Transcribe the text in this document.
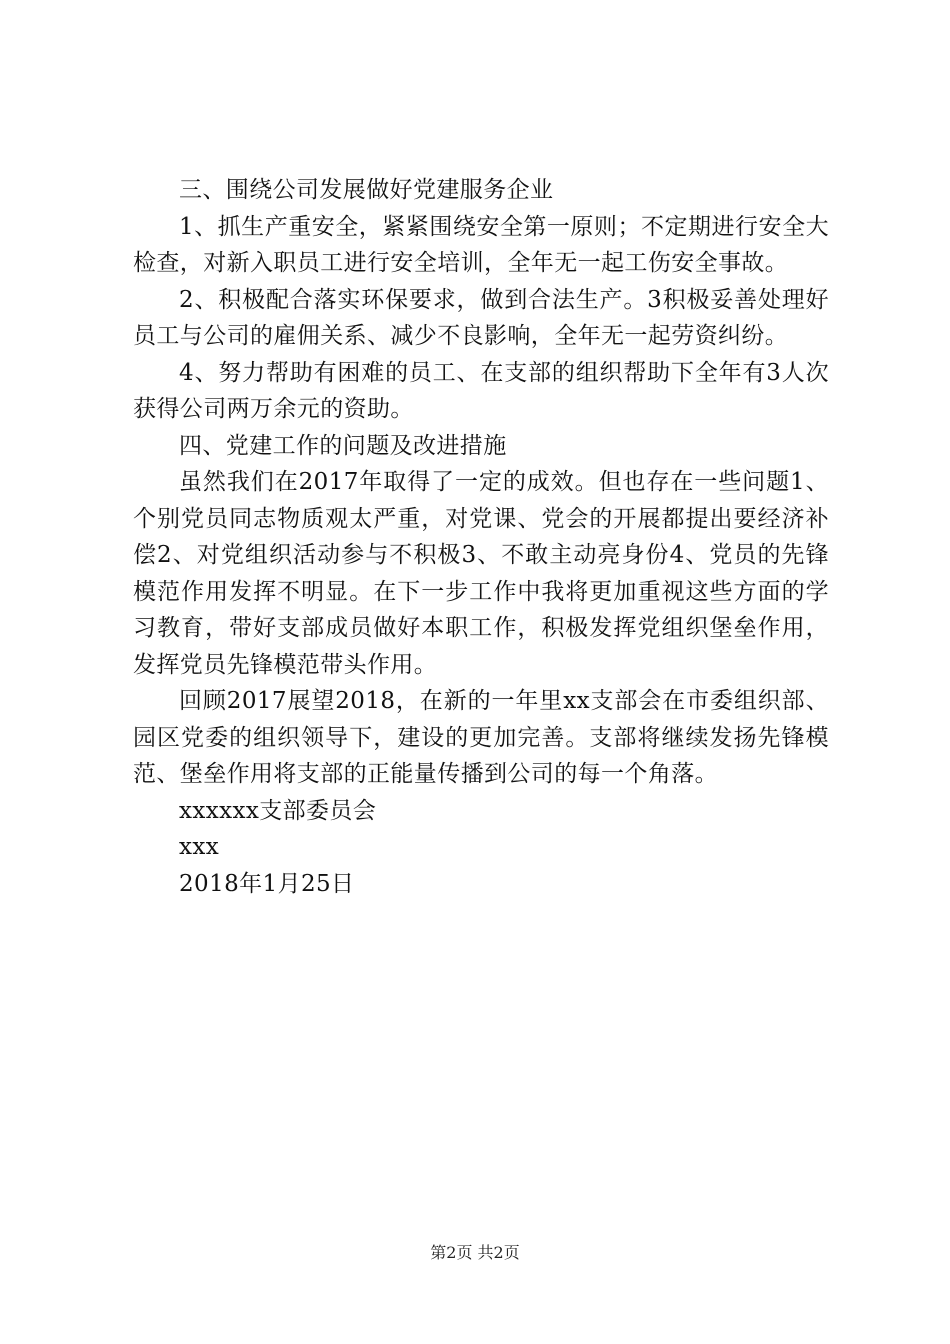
三、围绕公司发展做好党建服务企业

1、抓生产重安全，紧紧围绕安全第一原则；不定期进行安全大检查，对新入职员工进行安全培训，全年无一起工伤安全事故。

2、积极配合落实环保要求，做到合法生产。3积极妥善处理好员工与公司的雇佣关系、减少不良影响，全年无一起劳资纠纷。

4、努力帮助有困难的员工、在支部的组织帮助下全年有3人次获得公司两万余元的资助。

四、党建工作的问题及改进措施

虽然我们在2017年取得了一定的成效。但也存在一些问题1、个别党员同志物质观太严重，对党课、党会的开展都提出要经济补偿2、对党组织活动参与不积极3、不敢主动亮身份4、党员的先锋模范作用发挥不明显。在下一步工作中我将更加重视这些方面的学习教育，带好支部成员做好本职工作，积极发挥党组织堡垒作用，发挥党员先锋模范带头作用。

回顾2017展望2018，在新的一年里xx支部会在市委组织部、园区党委的组织领导下，建设的更加完善。支部将继续发扬先锋模范、堡垒作用将支部的正能量传播到公司的每一个角落。

xxxxxx支部委员会

xxx

2018年1月25日

第2页 共2页
